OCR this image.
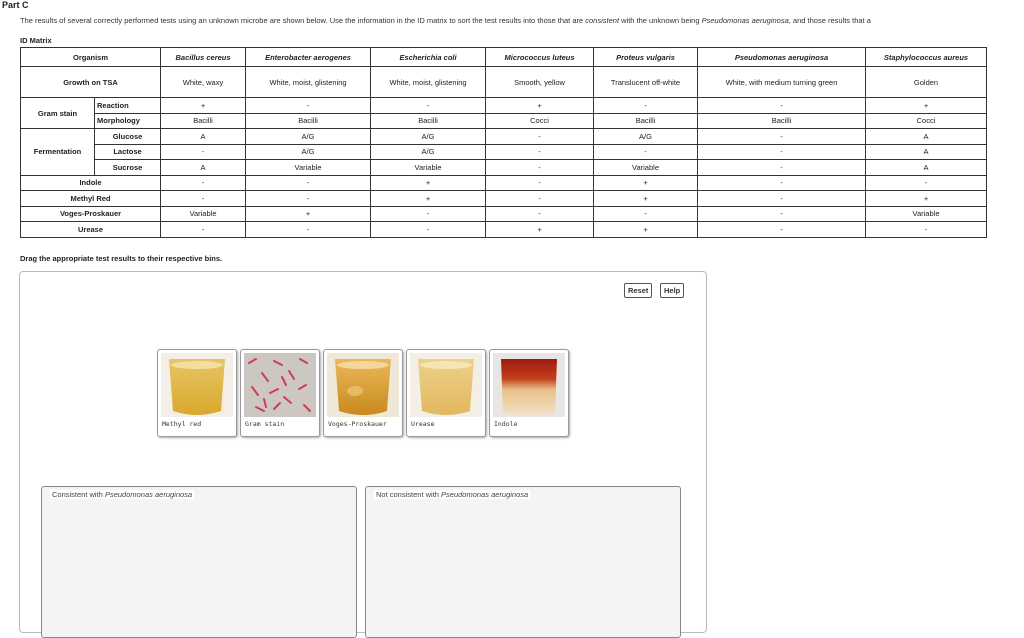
Part C
The results of several correctly performed tests using an unknown microbe are shown below. Use the information in the ID matrix to sort the test results into those that are consistent with the unknown being Pseudomonas aeruginosa, and those results that a
ID Matrix
Organism		Bacillus cereus	Enterobacter aerogenes	Escherichia coli	Micrococcus luteus	Proteus vulgaris	Pseudomonas aeruginosa	Staphylococcus aureus
Growth on TSA		White, waxy	White, moist, glistening	White, moist, glistening	Smooth, yellow	Translucent off-white	White, with medium turning green	Golden
Gram stain	Reaction	+	-	-	+	-	-	+
	Morphology	Bacilli	Bacilli	Bacilli	Cocci	Bacilli	Bacilli	Cocci
Fermentation	Glucose	A	A/G	A/G	-	A/G	-	A
	Lactose	-	A/G	A/G	-	-	-	A
	Sucrose	A	Variable	Variable	-	Variable	-	A
Indole		-	-	+	-	+	-	-
Methyl Red		-	-	+	-	+	-	+
Voges-Proskauer		Variable	+	-	-	-	-	Variable
Urease		-	-	-	+	+	-	-
Drag the appropriate test results to their respective bins.
Reset	Help
Methyl red	Gram stain	Voges-Proskauer	Urease	Indole
Consistent with Pseudomonas aeruginosa	Not consistent with Pseudomonas aeruginosa
